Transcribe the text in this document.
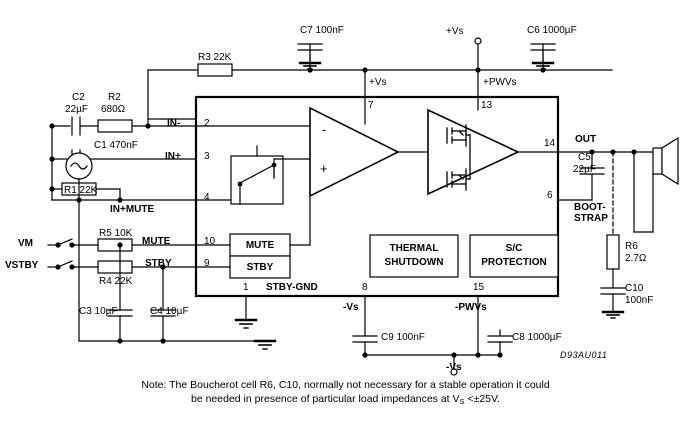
-
+
C7 100nF	C6 1000µF
+Vs
R3 22K
+Vs	+PWVs
C2
22µF
R2
680Ω
IN-
7	13
2
3
4
14
6
10
9
1	8	15
C1 470nF
IN+
R1 22K
IN+MUTE
OUT
C5
22µF
BOOT-
STRAP
R6
2.7Ω
C10
100nF
VM
VSTBY
R5 10K
R4 22K
MUTE
STBY
C3 10µF	C4 10µF
MUTE
STBY
THERMAL
SHUTDOWN
S/C
PROTECTION
STBY-GND
-Vs	-PWVs
C9 100nF	C8 1000µF
-Vs
D93AU011
Note: The Boucherot cell R6, C10, normally not necessary for a stable operation it could
be needed in presence of particular load impedances at $V_S <\pm 25V$.
